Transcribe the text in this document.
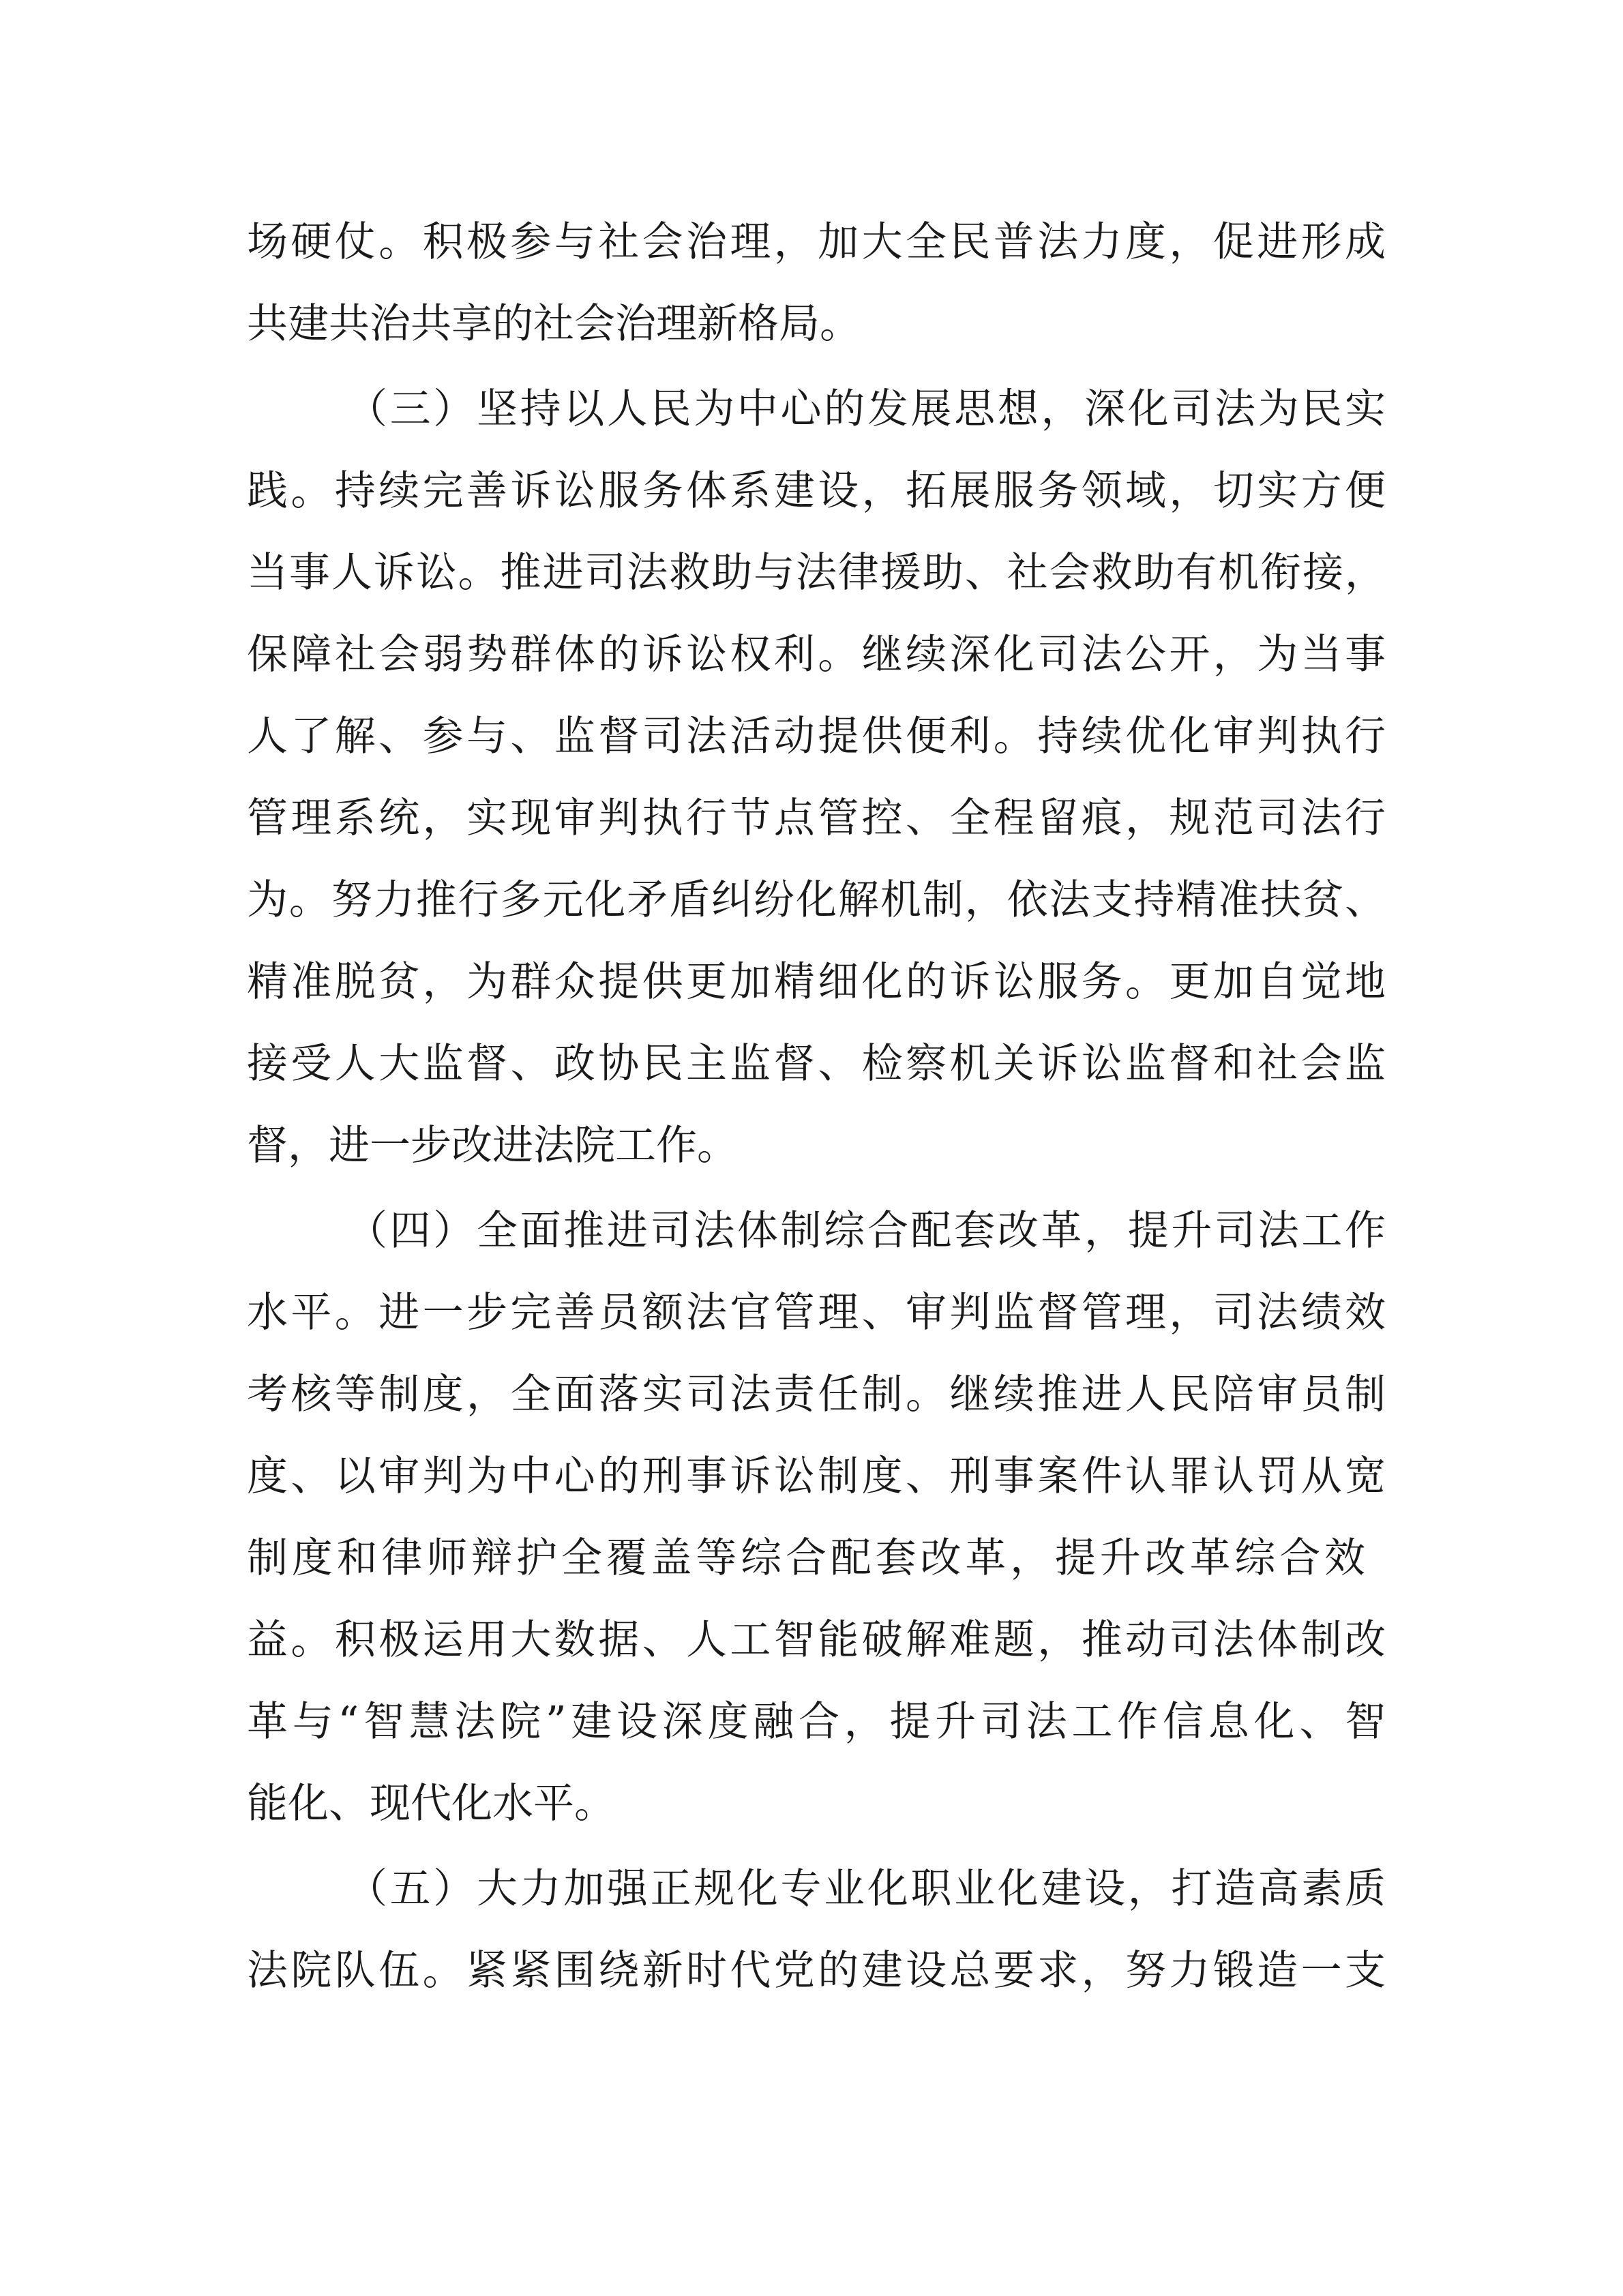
场硬仗。积极参与社会治理，加大全民普法力度，促进形成
共建共治共享的社会治理新格局。
（三）坚持以人民为中心的发展思想，深化司法为民实
践。持续完善诉讼服务体系建设，拓展服务领域，切实方便
当事人诉讼。推进司法救助与法律援助、社会救助有机衔接，
保障社会弱势群体的诉讼权利。继续深化司法公开，为当事
人了解、参与、监督司法活动提供便利。持续优化审判执行
管理系统，实现审判执行节点管控、全程留痕，规范司法行
为。努力推行多元化矛盾纠纷化解机制，依法支持精准扶贫、
精准脱贫，为群众提供更加精细化的诉讼服务。更加自觉地
接受人大监督、政协民主监督、检察机关诉讼监督和社会监
督，进一步改进法院工作。
（四）全面推进司法体制综合配套改革，提升司法工作
水平。进一步完善员额法官管理、审判监督管理，司法绩效
考核等制度，全面落实司法责任制。继续推进人民陪审员制
度、以审判为中心的刑事诉讼制度、刑事案件认罪认罚从宽
制度和律师辩护全覆盖等综合配套改革，提升改革综合效
益。积极运用大数据、人工智能破解难题，推动司法体制改
革与“智慧法院”建设深度融合，提升司法工作信息化、智
能化、现代化水平。
（五）大力加强正规化专业化职业化建设，打造高素质
法院队伍。紧紧围绕新时代党的建设总要求，努力锻造一支
